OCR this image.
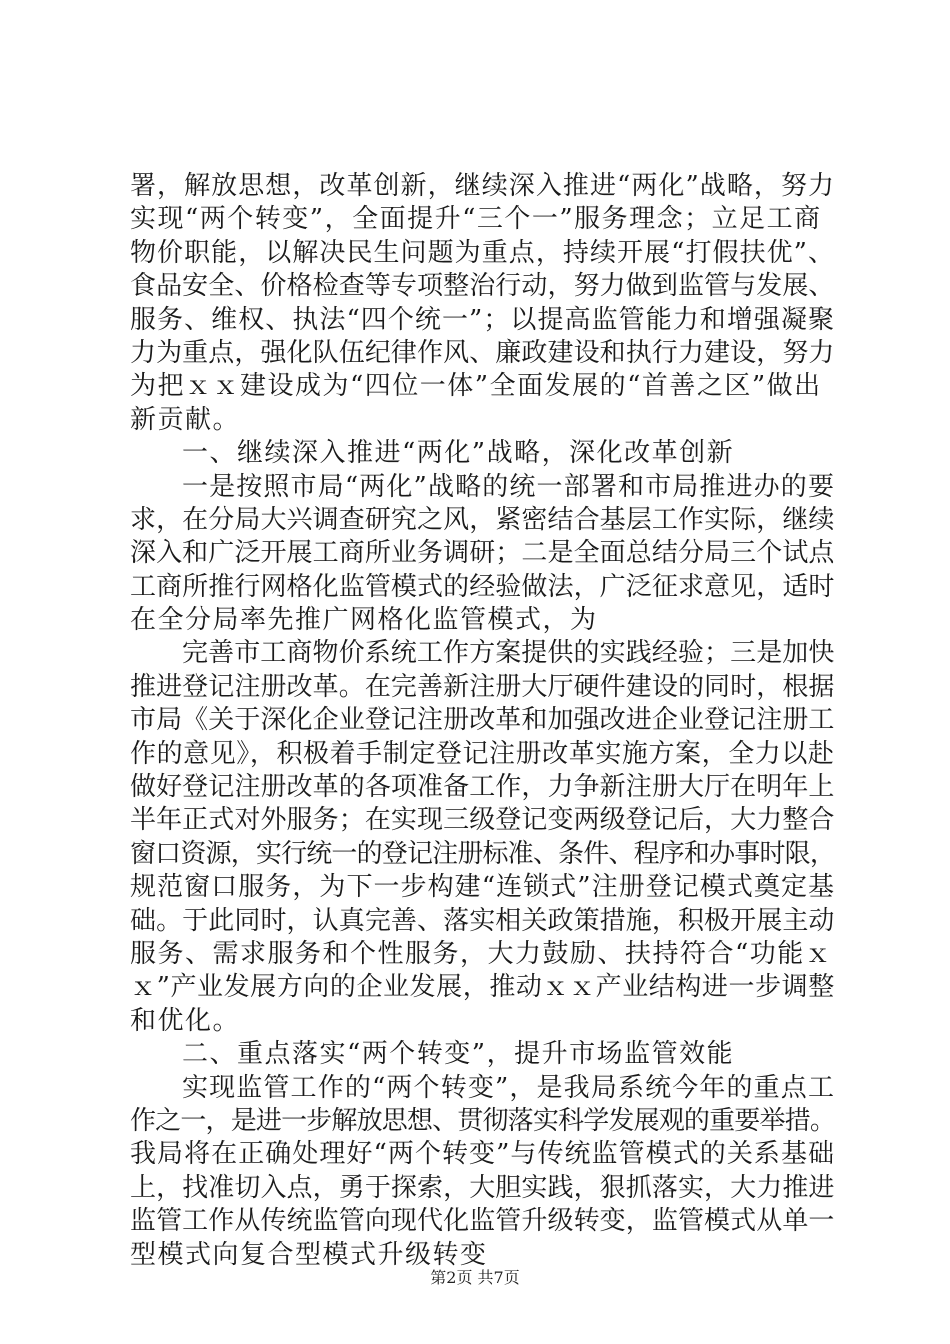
署，解放思想，改革创新，继续深入推进“两化”战略，努力
实现“两个转变”，全面提升“三个一”服务理念；立足工商
物价职能，以解决民生问题为重点，持续开展“打假扶优”、
食品安全、价格检查等专项整治行动，努力做到监管与发展、
服务、维权、执法“四个统一”；以提高监管能力和增强凝聚
力为重点，强化队伍纪律作风、廉政建设和执行力建设，努力
为把ｘｘ建设成为“四位一体”全面发展的“首善之区”做出
新贡献。
一、继续深入推进“两化”战略，深化改革创新
一是按照市局“两化”战略的统一部署和市局推进办的要
求，在分局大兴调查研究之风，紧密结合基层工作实际，继续
深入和广泛开展工商所业务调研；二是全面总结分局三个试点
工商所推行网格化监管模式的经验做法，广泛征求意见，适时
在全分局率先推广网格化监管模式，为
完善市工商物价系统工作方案提供的实践经验；三是加快
推进登记注册改革。在完善新注册大厅硬件建设的同时，根据
市局《关于深化企业登记注册改革和加强改进企业登记注册工
作的意见》，积极着手制定登记注册改革实施方案，全力以赴
做好登记注册改革的各项准备工作，力争新注册大厅在明年上
半年正式对外服务；在实现三级登记变两级登记后，大力整合
窗口资源，实行统一的登记注册标准、条件、程序和办事时限，
规范窗口服务，为下一步构建“连锁式”注册登记模式奠定基
础。于此同时，认真完善、落实相关政策措施，积极开展主动
服务、需求服务和个性服务，大力鼓励、扶持符合“功能ｘ
ｘ”产业发展方向的企业发展，推动ｘｘ产业结构进一步调整
和优化。
二、重点落实“两个转变”，提升市场监管效能
实现监管工作的“两个转变”，是我局系统今年的重点工
作之一，是进一步解放思想、贯彻落实科学发展观的重要举措。
我局将在正确处理好“两个转变”与传统监管模式的关系基础
上，找准切入点，勇于探索，大胆实践，狠抓落实，大力推进
监管工作从传统监管向现代化监管升级转变，监管模式从单一
型模式向复合型模式升级转变
第2页 共7页
